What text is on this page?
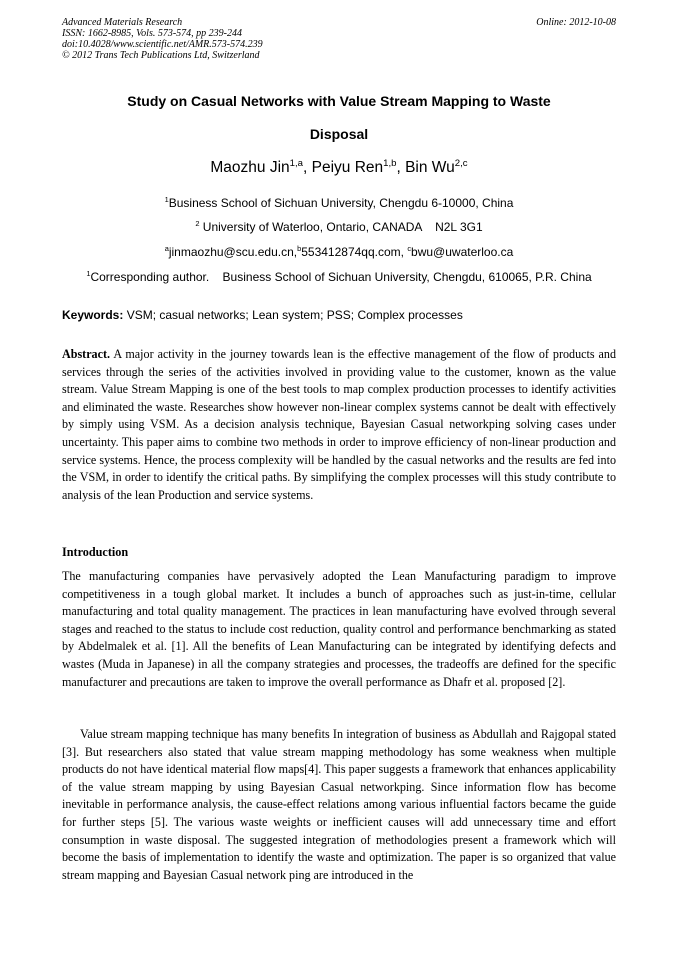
Advanced Materials Research
ISSN: 1662-8985, Vols. 573-574, pp 239-244
doi:10.4028/www.scientific.net/AMR.573-574.239
© 2012 Trans Tech Publications Ltd, Switzerland
Online: 2012-10-08
Study on Casual Networks with Value Stream Mapping to Waste
Disposal
Maozhu Jin$^{1,a}$, Peiyu Ren$^{1,b}$, Bin Wu$^{2,c}$
$^1$Business School of Sichuan University, Chengdu 6-10000, China
$^2$ University of Waterloo, Ontario, CANADA    N2L 3G1
$^a$jinmaozhu@scu.edu.cn,$^b$553412874qq.com, $^c$bwu@uwaterloo.ca
$^1$Corresponding author.    Business School of Sichuan University, Chengdu, 610065, P.R. China
Keywords: VSM; casual networks; Lean system; PSS; Complex processes
Abstract. A major activity in the journey towards lean is the effective management of the flow of products and services through the series of the activities involved in providing value to the customer, known as the value stream. Value Stream Mapping is one of the best tools to map complex production processes to identify activities and eliminated the waste. Researches show however non-linear complex systems cannot be dealt with effectively by simply using VSM. As a decision analysis technique, Bayesian Casual networkping solving cases under uncertainty. This paper aims to combine two methods in order to improve efficiency of non-linear production and service systems. Hence, the process complexity will be handled by the casual networks and the results are fed into the VSM, in order to identify the critical paths. By simplifying the complex processes will this study contribute to analysis of the lean Production and service systems.
Introduction
The manufacturing companies have pervasively adopted the Lean Manufacturing paradigm to improve competitiveness in a tough global market. It includes a bunch of approaches such as just-in-time, cellular manufacturing and total quality management. The practices in lean manufacturing have evolved through several stages and reached to the status to include cost reduction, quality control and performance benchmarking as stated by Abdelmalek et al. [1]. All the benefits of Lean Manufacturing can be integrated by identifying defects and wastes (Muda in Japanese) in all the company strategies and processes, the tradeoffs are defined for the specific manufacturer and precautions are taken to improve the overall performance as Dhafr et al. proposed [2].
Value stream mapping technique has many benefits In integration of business as Abdullah and Rajgopal stated [3]. But researchers also stated that value stream mapping methodology has some weakness when multiple products do not have identical material flow maps[4]. This paper suggests a framework that enhances applicability of the value stream mapping by using Bayesian Casual networkping. Since information flow has become inevitable in performance analysis, the cause-effect relations among various influential factors became the guide for further steps [5]. The various waste weights or inefficient causes will add unnecessary time and effort consumption in waste disposal. The suggested integration of methodologies present a framework which will become the basis of implementation to identify the waste and optimization. The paper is so organized that value stream mapping and Bayesian Casual network ping are introduced in the
